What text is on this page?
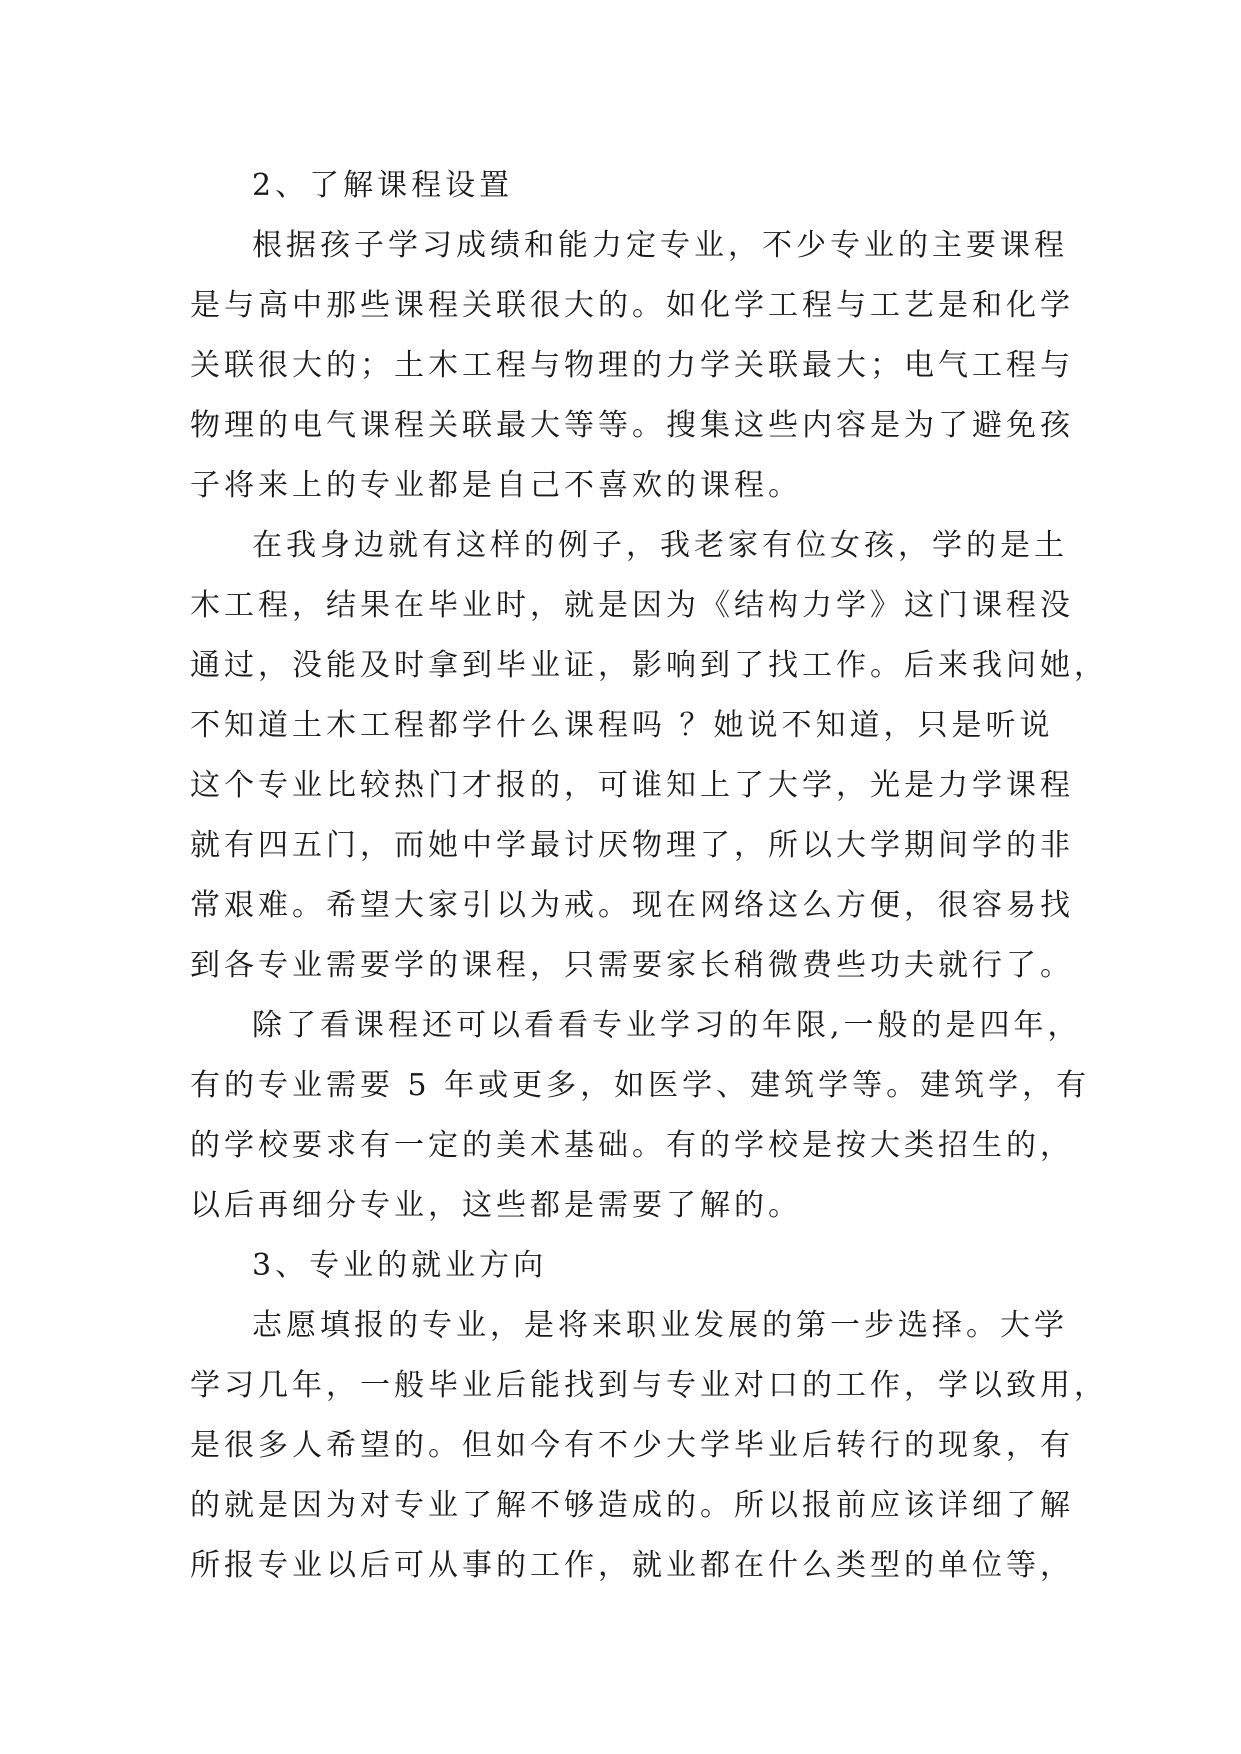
2、了解课程设置
根据孩子学习成绩和能力定专业，不少专业的主要课程
是与高中那些课程关联很大的。如化学工程与工艺是和化学
关联很大的；土木工程与物理的力学关联最大；电气工程与
物理的电气课程关联最大等等。搜集这些内容是为了避免孩
子将来上的专业都是自己不喜欢的课程。
在我身边就有这样的例子，我老家有位女孩，学的是土
木工程，结果在毕业时，就是因为《结构力学》这门课程没
通过，没能及时拿到毕业证，影响到了找工作。后来我问她，
不知道土木工程都学什么课程吗 ？她说不知道，只是听说
这个专业比较热门才报的，可谁知上了大学，光是力学课程
就有四五门，而她中学最讨厌物理了，所以大学期间学的非
常艰难。希望大家引以为戒。现在网络这么方便，很容易找
到各专业需要学的课程，只需要家长稍微费些功夫就行了。
除了看课程还可以看看专业学习的年限,一般的是四年，
有的专业需要 5 年或更多，如医学、建筑学等。建筑学，有
的学校要求有一定的美术基础。有的学校是按大类招生的，
以后再细分专业，这些都是需要了解的。
3、专业的就业方向
志愿填报的专业，是将来职业发展的第一步选择。大学
学习几年，一般毕业后能找到与专业对口的工作，学以致用，
是很多人希望的。但如今有不少大学毕业后转行的现象，有
的就是因为对专业了解不够造成的。所以报前应该详细了解
所报专业以后可从事的工作，就业都在什么类型的单位等，
